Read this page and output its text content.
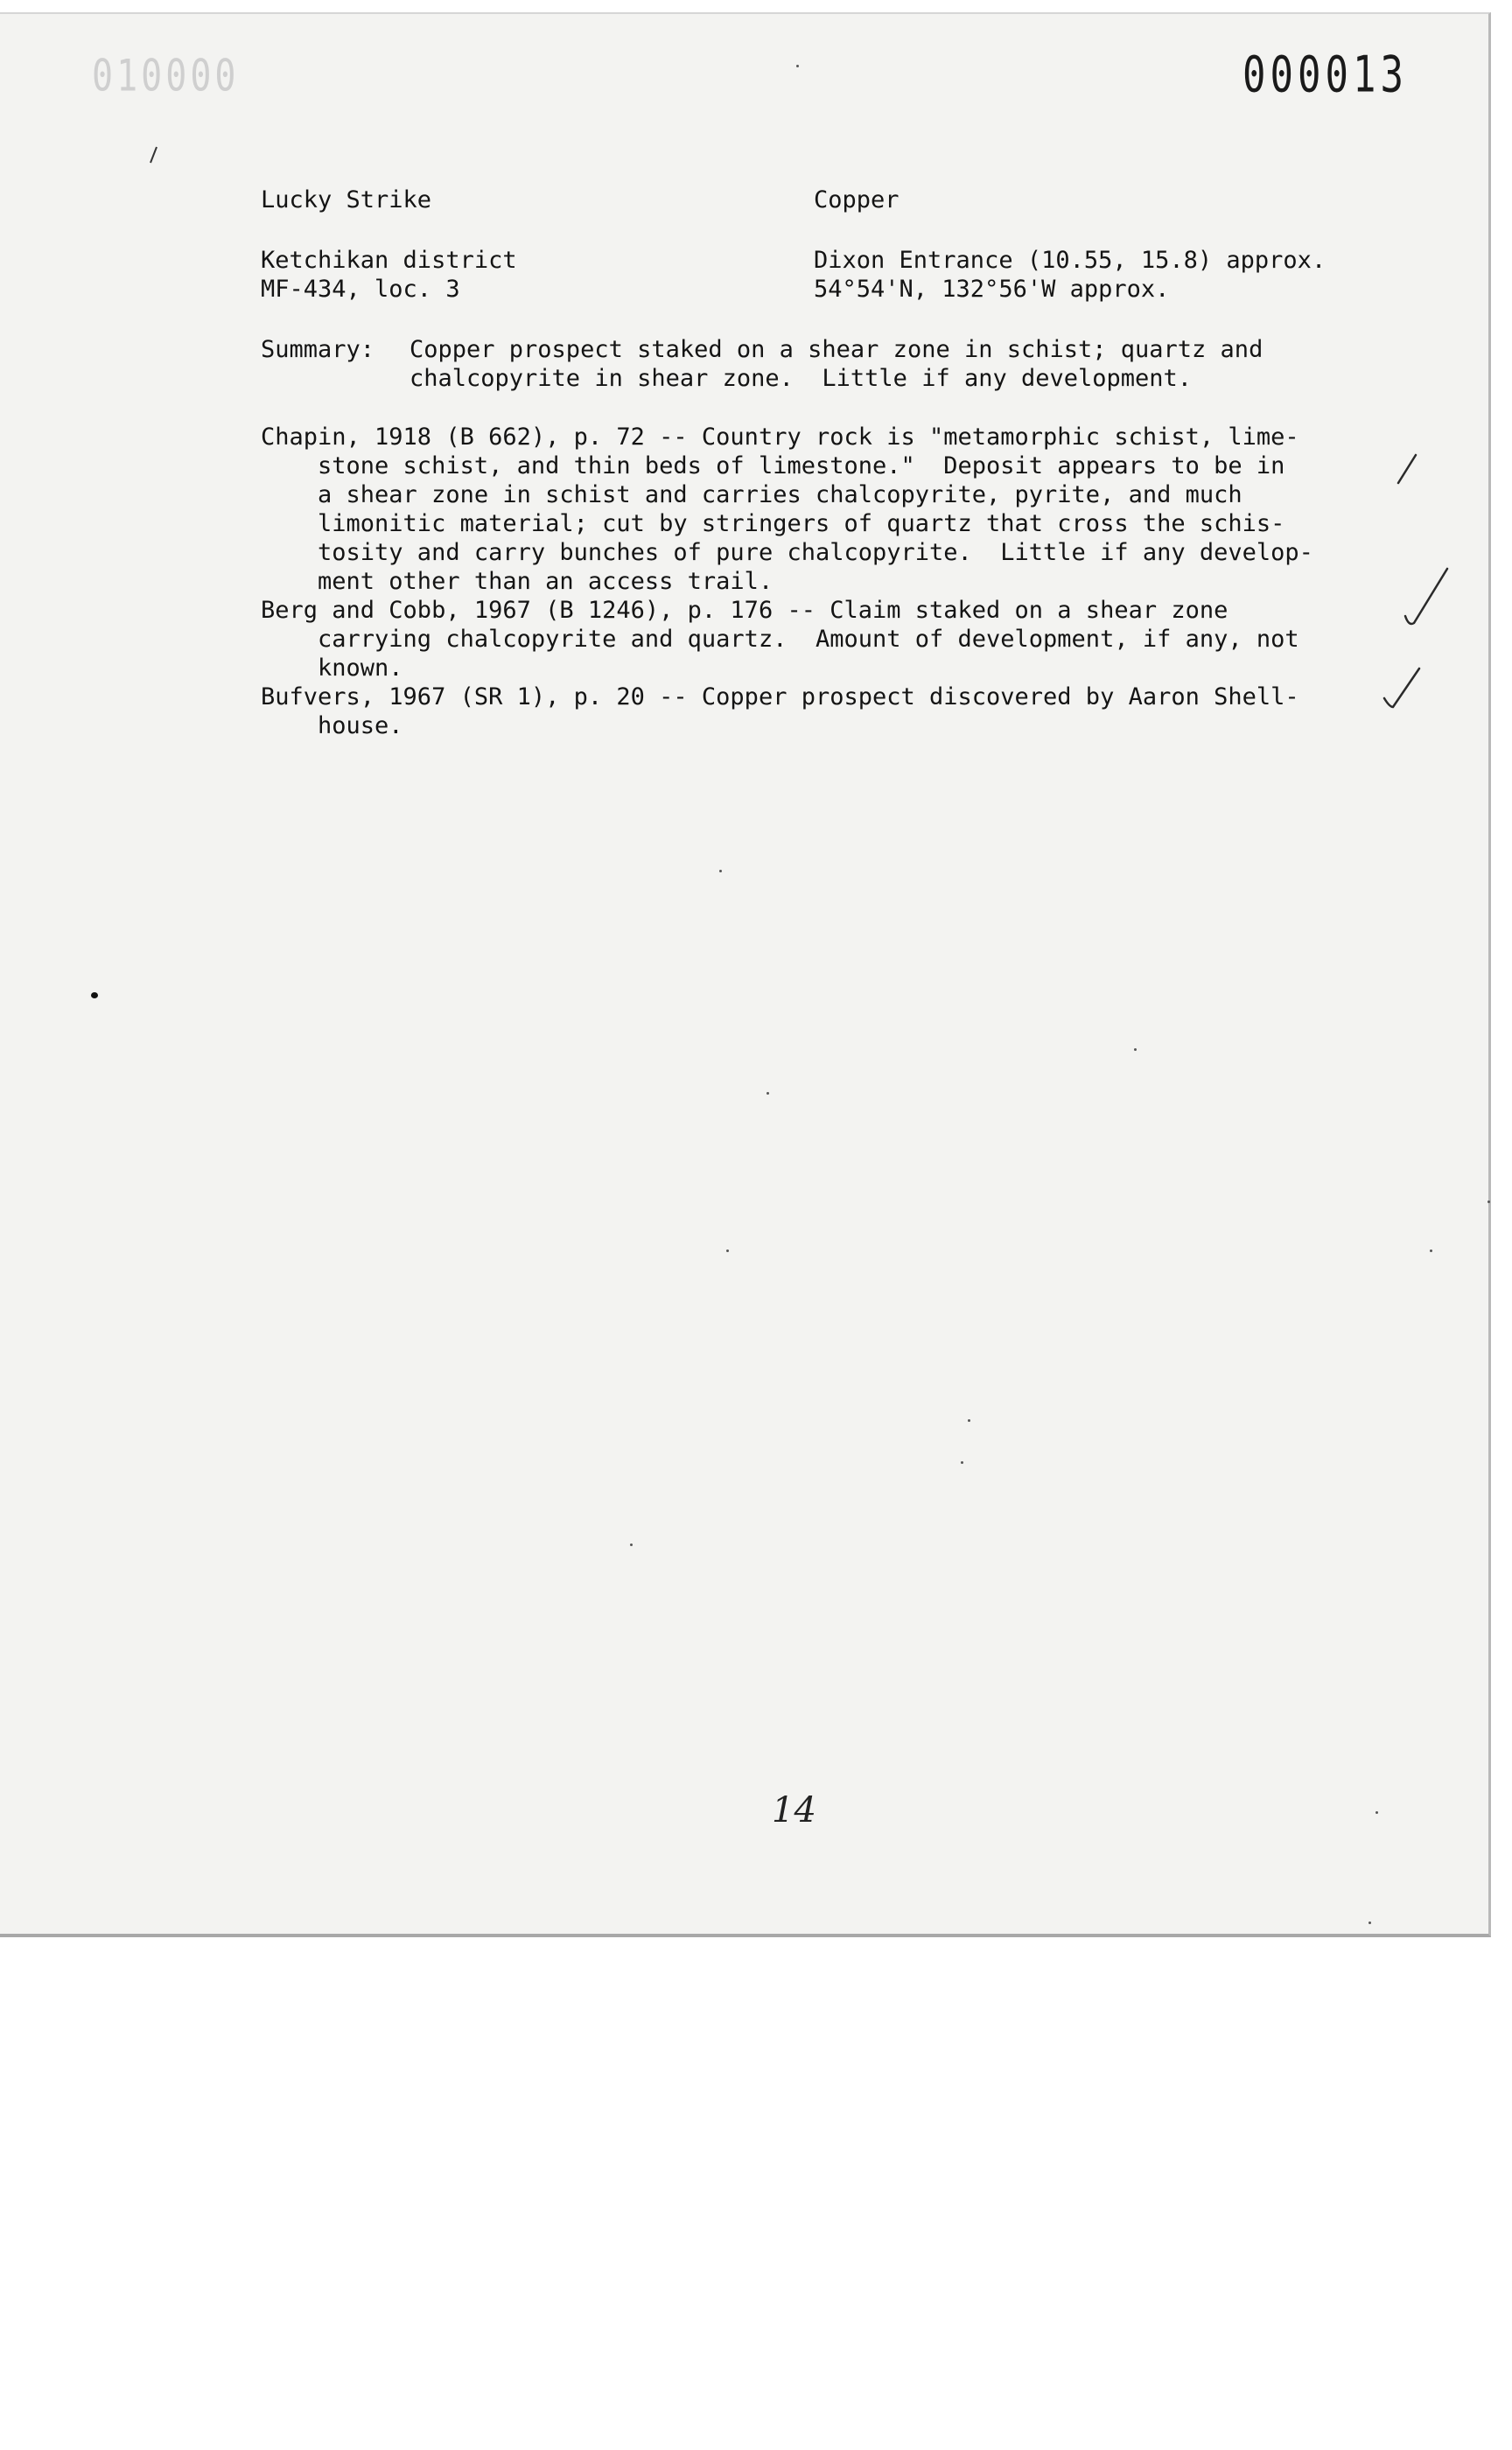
010000	000013
Lucky Strike	Copper
Ketchikan district	Dixon Entrance (10.55, 15.8) approx.
MF-434, loc. 3	54°54'N, 132°56'W approx.
Summary: Copper prospect staked on a shear zone in schist; quartz and
chalcopyrite in shear zone.  Little if any development.
Chapin, 1918 (B 662), p. 72 -- Country rock is "metamorphic schist, lime-
stone schist, and thin beds of limestone."  Deposit appears to be in
a shear zone in schist and carries chalcopyrite, pyrite, and much
limonitic material; cut by stringers of quartz that cross the schis-
tosity and carry bunches of pure chalcopyrite.  Little if any develop-
ment other than an access trail.
Berg and Cobb, 1967 (B 1246), p. 176 -- Claim staked on a shear zone
carrying chalcopyrite and quartz.  Amount of development, if any, not
known.
Bufvers, 1967 (SR 1), p. 20 -- Copper prospect discovered by Aaron Shell-
house.
14
